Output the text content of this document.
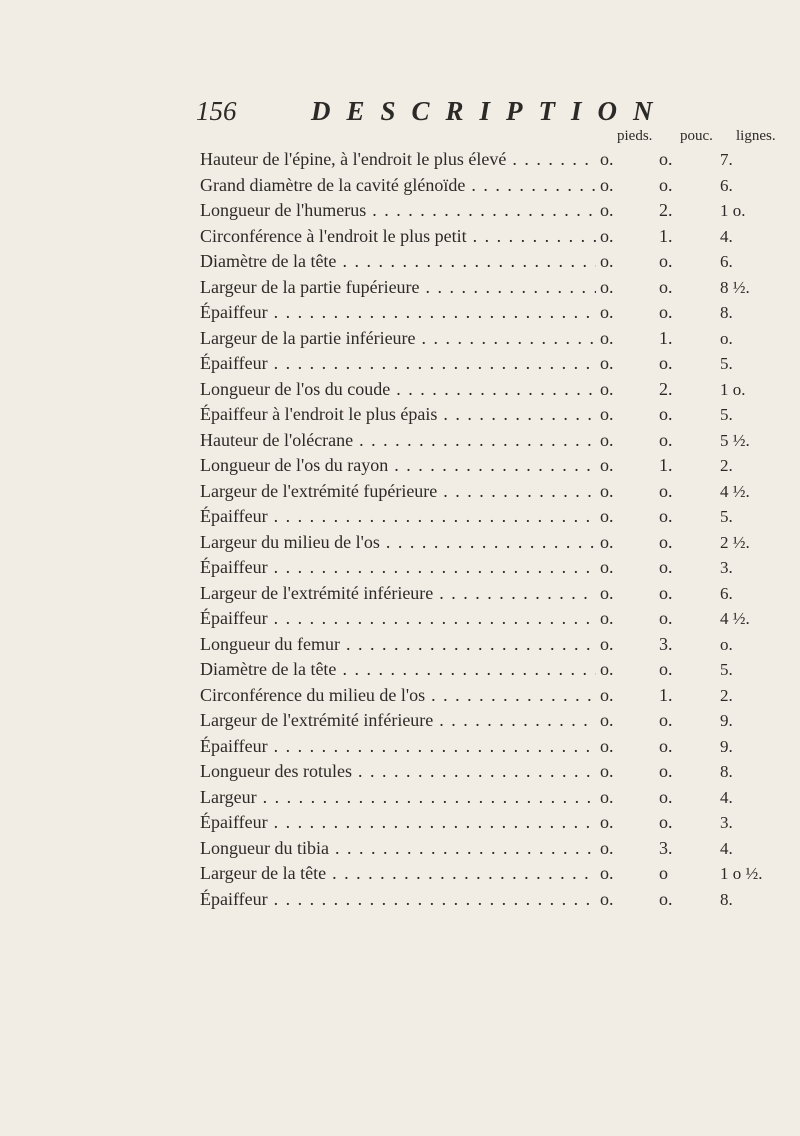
156	DESCRIPTION
pieds. pouc. lignes.
Hauteur de l'épine, à l'endroit le plus élevé . . .	o.	o.	7.
Grand diamètre de la cavité glénoïde . . .	o.	o.	6.
Longueur de l'humerus . . .	o.	2.	1 o.
Circonférence à l'endroit le plus petit . . .	o.	1.	4.
Diamètre de la tête . . .	o.	o.	6.
Largeur de la partie fupérieure . . .	o.	o.	8 ½.
Épaiffeur . . .	o.	o.	8.
Largeur de la partie inférieure . . .	o.	1.	o.
Épaiffeur . . .	o.	o.	5.
Longueur de l'os du coude . . .	o.	2.	1 o.
Épaiffeur à l'endroit le plus épais . . .	o.	o.	5.
Hauteur de l'olécrane . . .	o.	o.	5 ½.
Longueur de l'os du rayon . . .	o.	1.	2.
Largeur de l'extrémité fupérieure . . .	o.	o.	4 ½.
Épaiffeur . . .	o.	o.	5.
Largeur du milieu de l'os . . .	o.	o.	2 ½.
Épaiffeur . . .	o.	o.	3.
Largeur de l'extrémité inférieure . . .	o.	o.	6.
Épaiffeur . . .	o.	o.	4 ½.
Longueur du femur . . .	o.	3.	o.
Diamètre de la tête . . .	o.	o.	5.
Circonférence du milieu de l'os . . .	o.	1.	2.
Largeur de l'extrémité inférieure . . .	o.	o.	9.
Épaiffeur . . .	o.	o.	9.
Longueur des rotules . . .	o.	o.	8.
Largeur . . .	o.	o.	4.
Épaiffeur . . .	o.	o.	3.
Longueur du tibia . . .	o.	3.	4.
Largeur de la tête . . .	o.	o	1 o ½.
Épaiffeur . . .	o.	o.	8.
